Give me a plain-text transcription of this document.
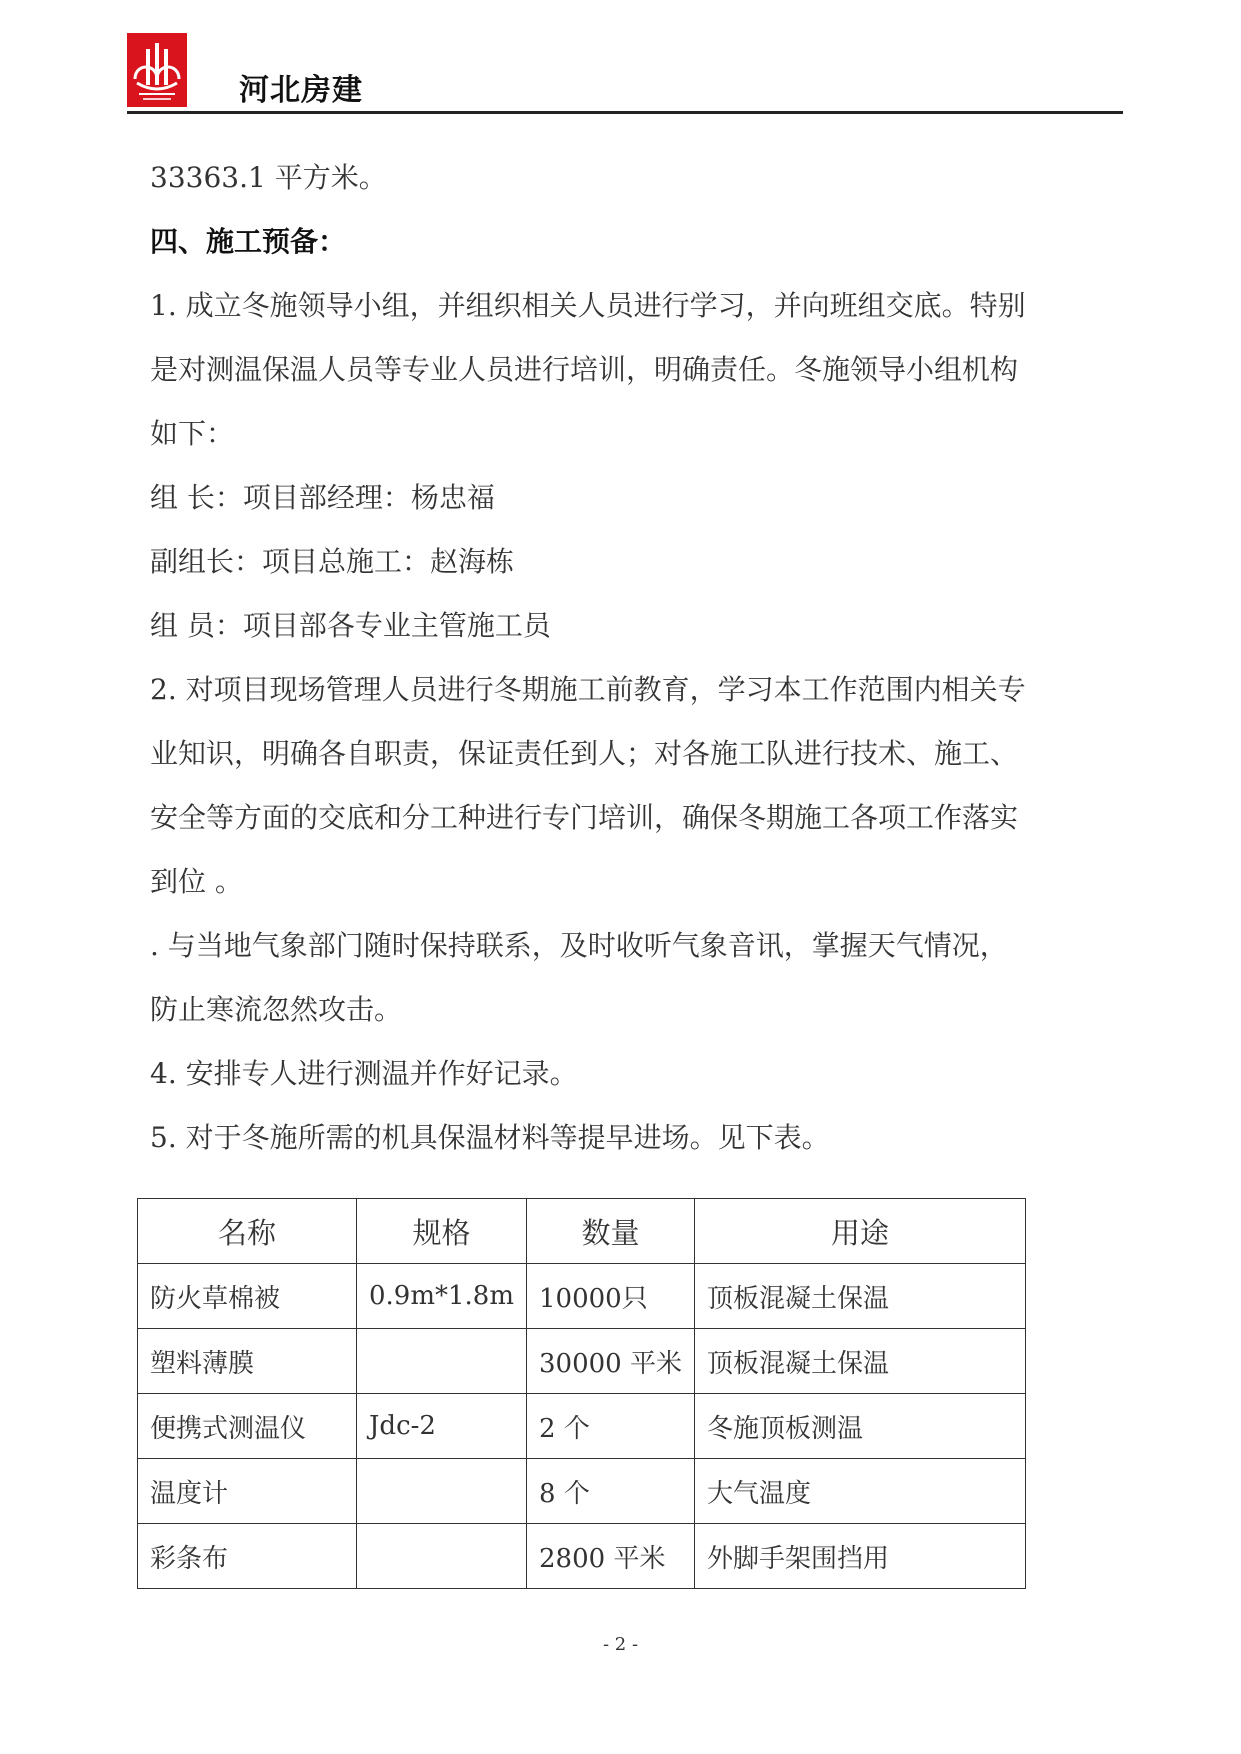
河北房建
33363.1 平方米。
四、施工预备：
1. 成立冬施领导小组，并组织相关人员进行学习，并向班组交底。特别
是对测温保温人员等专业人员进行培训，明确责任。冬施领导小组机构
如下：
组 长：项目部经理：杨忠福
副组长：项目总施工：赵海栋
组 员：项目部各专业主管施工员
2. 对项目现场管理人员进行冬期施工前教育，学习本工作范围内相关专
业知识，明确各自职责，保证责任到人；对各施工队进行技术、施工、
安全等方面的交底和分工种进行专门培训，确保冬期施工各项工作落实
到位 。
. 与当地气象部门随时保持联系，及时收听气象音讯，掌握天气情况，
防止寒流忽然攻击。
4. 安排专人进行测温并作好记录。
5. 对于冬施所需的机具保温材料等提早进场。见下表。
名称	规格	数量	用途
防火草棉被	0.9m*1.8m	10000只	顶板混凝土保温
塑料薄膜		30000 平米	顶板混凝土保温
便携式测温仪	Jdc-2	2 个	冬施顶板测温
温度计		8 个	大气温度
彩条布		2800 平米	外脚手架围挡用
- 2 -
